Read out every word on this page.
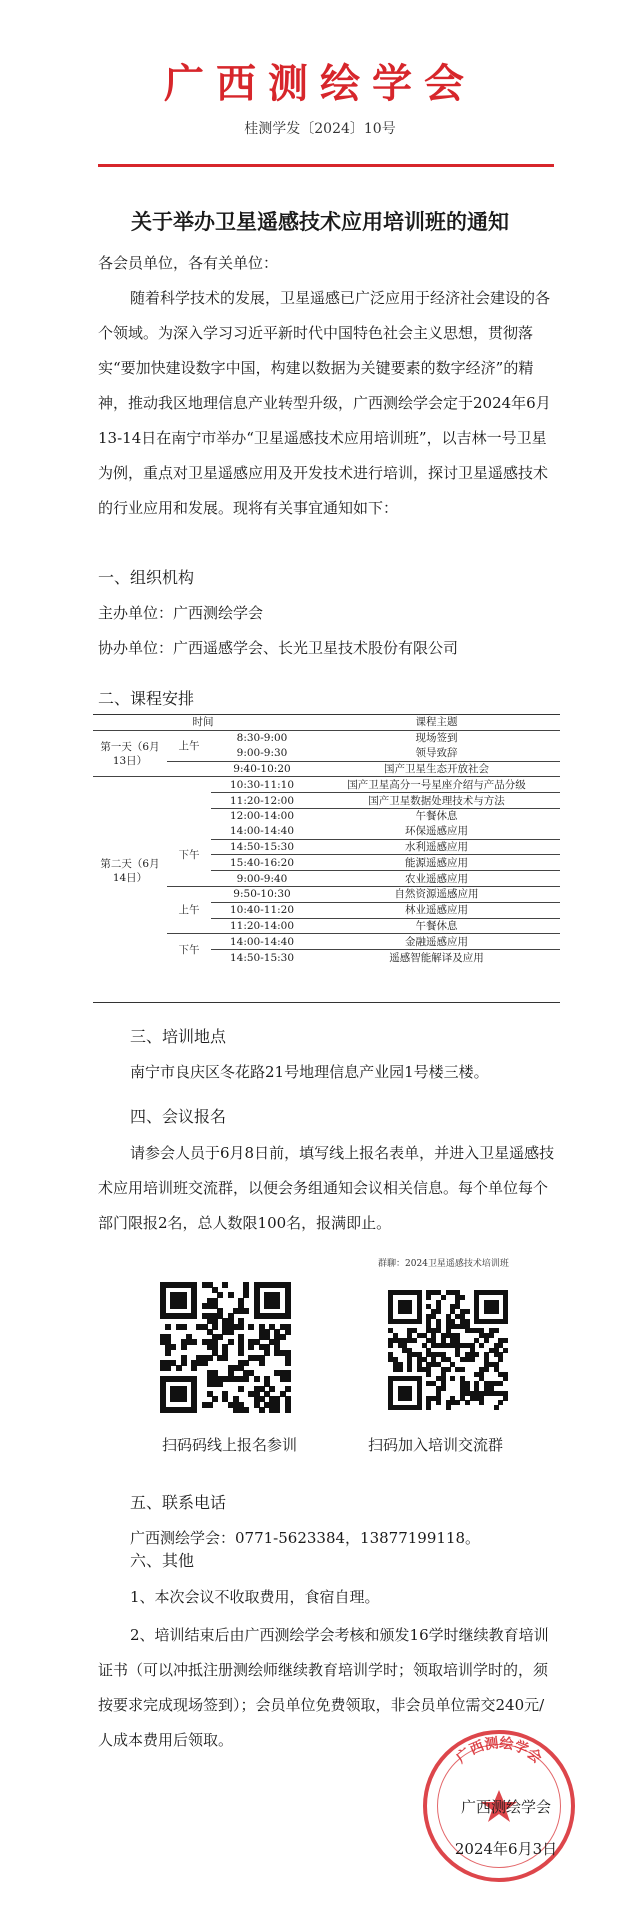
广西测绘学会
桂测学发〔2024〕10号
关于举办卫星遥感技术应用培训班的通知
各会员单位，各有关单位：
随着科学技术的发展，卫星遥感已广泛应用于经济社会建设的各个领域。为深入学习习近平新时代中国特色社会主义思想，贯彻落实“要加快建设数字中国，构建以数据为关键要素的数字经济”的精神，推动我区地理信息产业转型升级，广西测绘学会定于2024年6月13-14日在南宁市举办“卫星遥感技术应用培训班”，以吉林一号卫星为例，重点对卫星遥感应用及开发技术进行培训，探讨卫星遥感技术的行业应用和发展。现将有关事宜通知如下：
一、组织机构
主办单位：广西测绘学会
协办单位：广西遥感学会、长光卫星技术股份有限公司
二、课程安排
时间			课程主题
第一天（6月13日）	上午	8:30-9:00	现场签到
		9:00-9:30	领导致辞
		9:40-10:20	国产卫星生态开放社会
第二天（6月14日）		10:30-11:10	国产卫星高分一号星座介绍与产品分级
		11:20-12:00	国产卫星数据处理技术与方法
		12:00-14:00	午餐休息
	下午	14:00-14:40	环保遥感应用
		14:50-15:30	水利遥感应用
		15:40-16:20	能源遥感应用
		9:00-9:40	农业遥感应用
	上午	9:50-10:30	自然资源遥感应用
		10:40-11:20	林业遥感应用
		11:20-14:00	午餐休息
	下午	14:00-14:40	金融遥感应用
		14:50-15:30	遥感智能解译及应用
三、培训地点
南宁市良庆区冬花路21号地理信息产业园1号楼三楼。
四、会议报名
请参会人员于6月8日前，填写线上报名表单，并进入卫星遥感技术应用培训班交流群，以便会务组通知会议相关信息。每个单位每个部门限报2名，总人数限100名，报满即止。
群聊：2024卫星遥感技术培训班
扫码码线上报名参训	扫码加入培训交流群
五、联系电话
广西测绘学会：0771-5623384，13877199118。
六、其他
1、本次会议不收取费用，食宿自理。
2、培训结束后由广西测绘学会考核和颁发16学时继续教育培训证书（可以冲抵注册测绘师继续教育培训学时；领取培训学时的，须按要求完成现场签到）；会员单位免费领取，非会员单位需交240元/人成本费用后领取。
广西测绘学会
广西测绘学会
2024年6月3日
